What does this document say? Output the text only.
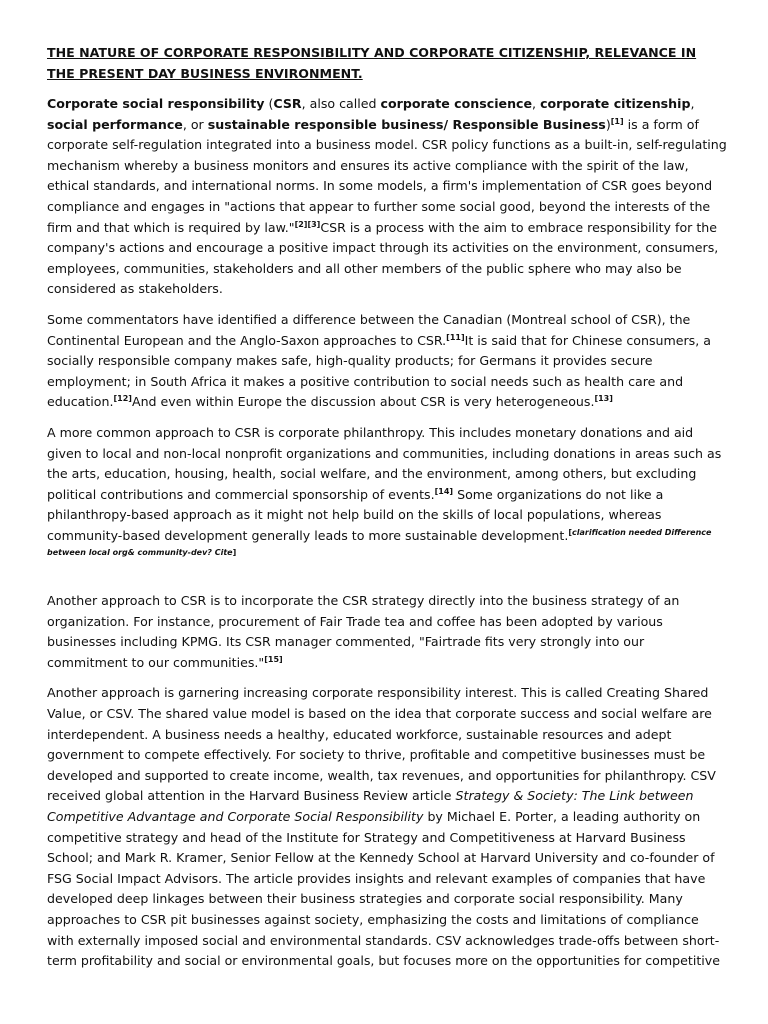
THE NATURE OF CORPORATE RESPONSIBILITY AND CORPORATE CITIZENSHIP, RELEVANCE IN THE PRESENT DAY BUSINESS ENVIRONMENT.

Corporate social responsibility (CSR, also called corporate conscience, corporate citizenship, social performance, or sustainable responsible business/ Responsible Business)[1] is a form of corporate self-regulation integrated into a business model. CSR policy functions as a built-in, self-regulating mechanism whereby a business monitors and ensures its active compliance with the spirit of the law, ethical standards, and international norms. In some models, a firm's implementation of CSR goes beyond compliance and engages in "actions that appear to further some social good, beyond the interests of the firm and that which is required by law."[2][3]CSR is a process with the aim to embrace responsibility for the company's actions and encourage a positive impact through its activities on the environment, consumers, employees, communities, stakeholders and all other members of the public sphere who may also be considered as stakeholders.

Some commentators have identified a difference between the Canadian (Montreal school of CSR), the Continental European and the Anglo-Saxon approaches to CSR.[11]It is said that for Chinese consumers, a socially responsible company makes safe, high-quality products; for Germans it provides secure employment; in South Africa it makes a positive contribution to social needs such as health care and education.[12]And even within Europe the discussion about CSR is very heterogeneous.[13]

A more common approach to CSR is corporate philanthropy. This includes monetary donations and aid given to local and non-local nonprofit organizations and communities, including donations in areas such as the arts, education, housing, health, social welfare, and the environment, among others, but excluding political contributions and commercial sponsorship of events.[14] Some organizations do not like a philanthropy-based approach as it might not help build on the skills of local populations, whereas community-based development generally leads to more sustainable development.[clarification needed Difference between local org& community-dev? Cite]

Another approach to CSR is to incorporate the CSR strategy directly into the business strategy of an organization. For instance, procurement of Fair Trade tea and coffee has been adopted by various businesses including KPMG. Its CSR manager commented, "Fairtrade fits very strongly into our commitment to our communities."[15]

Another approach is garnering increasing corporate responsibility interest. This is called Creating Shared Value, or CSV. The shared value model is based on the idea that corporate success and social welfare are interdependent. A business needs a healthy, educated workforce, sustainable resources and adept government to compete effectively. For society to thrive, profitable and competitive businesses must be developed and supported to create income, wealth, tax revenues, and opportunities for philanthropy. CSV received global attention in the Harvard Business Review article Strategy & Society: The Link between Competitive Advantage and Corporate Social Responsibility by Michael E. Porter, a leading authority on competitive strategy and head of the Institute for Strategy and Competitiveness at Harvard Business School; and Mark R. Kramer, Senior Fellow at the Kennedy School at Harvard University and co-founder of FSG Social Impact Advisors. The article provides insights and relevant examples of companies that have developed deep linkages between their business strategies and corporate social responsibility. Many approaches to CSR pit businesses against society, emphasizing the costs and limitations of compliance with externally imposed social and environmental standards. CSV acknowledges trade-offs between short-term profitability and social or environmental goals, but focuses more on the opportunities for competitive
